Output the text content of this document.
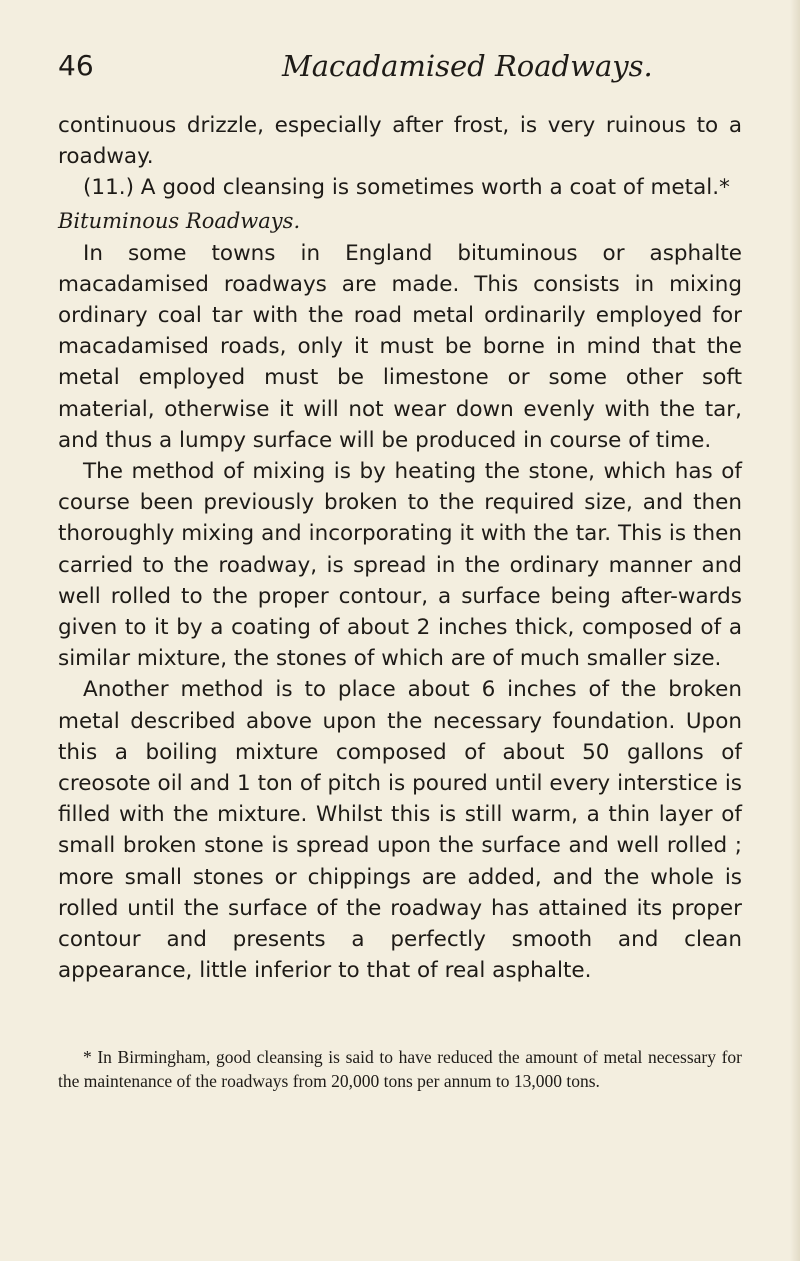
46	Macadamised Roadways.

continuous drizzle, especially after frost, is very ruinous to a roadway.

(11.) A good cleansing is sometimes worth a coat of metal.*

Bituminous Roadways.

In some towns in England bituminous or asphalte macadamised roadways are made. This consists in mixing ordinary coal tar with the road metal ordinarily employed for macadamised roads, only it must be borne in mind that the metal employed must be limestone or some other soft material, otherwise it will not wear down evenly with the tar, and thus a lumpy surface will be produced in course of time.

The method of mixing is by heating the stone, which has of course been previously broken to the required size, and then thoroughly mixing and incorporating it with the tar. This is then carried to the roadway, is spread in the ordinary manner and well rolled to the proper contour, a surface being after-wards given to it by a coating of about 2 inches thick, composed of a similar mixture, the stones of which are of much smaller size.

Another method is to place about 6 inches of the broken metal described above upon the necessary foundation. Upon this a boiling mixture composed of about 50 gallons of creosote oil and 1 ton of pitch is poured until every interstice is filled with the mixture. Whilst this is still warm, a thin layer of small broken stone is spread upon the surface and well rolled ; more small stones or chippings are added, and the whole is rolled until the surface of the roadway has attained its proper contour and presents a perfectly smooth and clean appearance, little inferior to that of real asphalte.

* In Birmingham, good cleansing is said to have reduced the amount of metal necessary for the maintenance of the roadways from 20,000 tons per annum to 13,000 tons.
